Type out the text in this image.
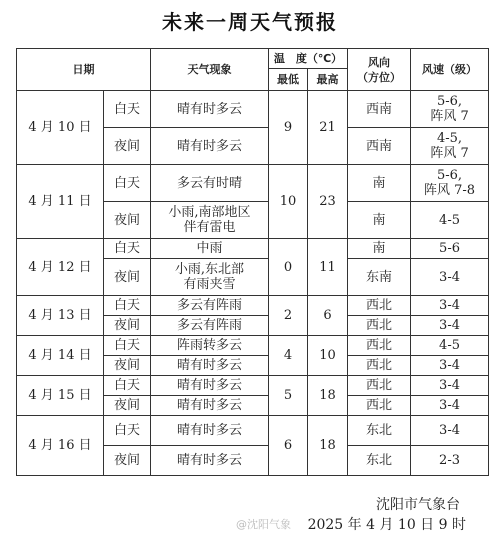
未来一周天气预报
日期		天气现象	温　度（℃）		风向
（方位）	风速（级）
			最低	最高		
4 月 10 日	白天	晴有时多云	9	21	西南	5-6,
阵风 7
	夜间	晴有时多云			西南	4-5,
阵风 7
4 月 11 日	白天	多云有时晴	10	23	南	5-6,
阵风 7-8
	夜间	小雨,南部地区
伴有雷电			南	4-5
4 月 12 日	白天	中雨	0	11	南	5-6
	夜间	小雨,东北部
有雨夹雪			东南	3-4
4 月 13 日	白天	多云有阵雨	2	6	西北	3-4
	夜间	多云有阵雨			西北	3-4
4 月 14 日	白天	阵雨转多云	4	10	西北	4-5
	夜间	晴有时多云			西北	3-4
4 月 15 日	白天	晴有时多云	5	18	西北	3-4
	夜间	晴有时多云			西北	3-4
4 月 16 日	白天	晴有时多云	6	18	东北	3-4
	夜间	晴有时多云			东北	2-3
沈阳市气象台
2025 年 4 月 10 日 9 时
@沈阳气象
